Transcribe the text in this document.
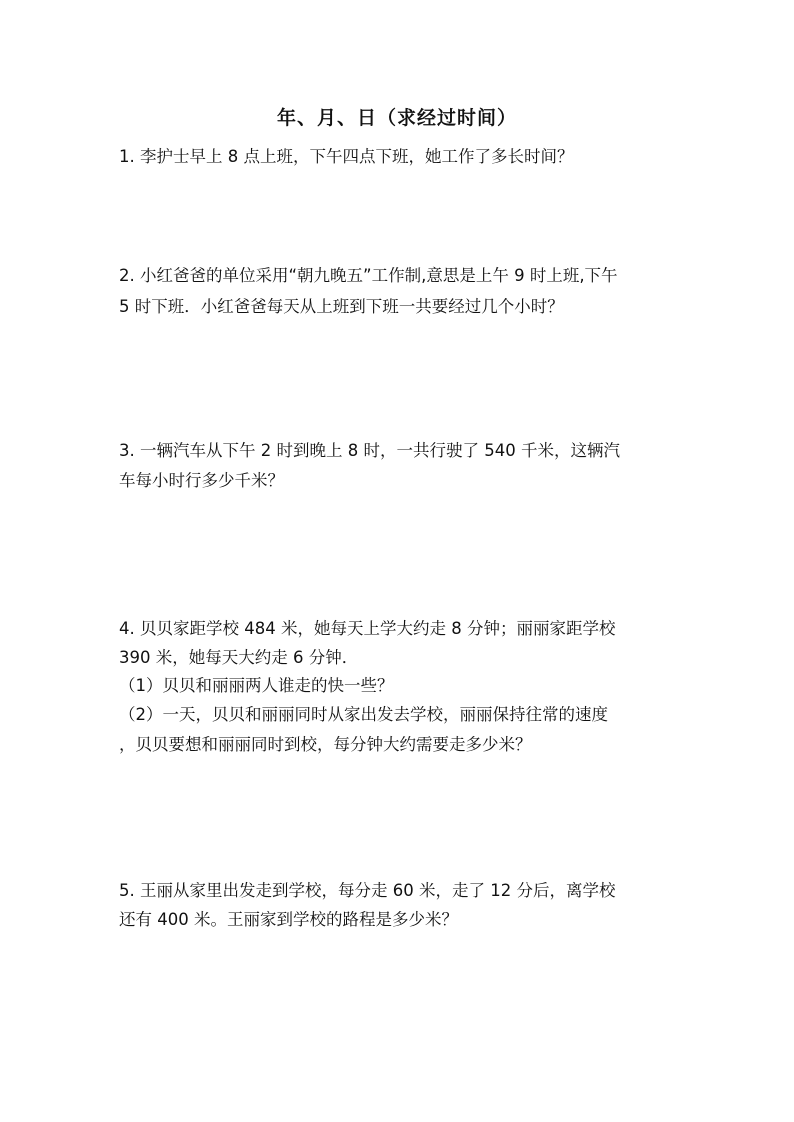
年、月、日（求经过时间）

1. 李护士早上 8 点上班，下午四点下班，她工作了多长时间？

2. 小红爸爸的单位采用“朝九晚五”工作制,意思是上午 9 时上班,下午

5 时下班．小红爸爸每天从上班到下班一共要经过几个小时？

3. 一辆汽车从下午 2 时到晚上 8 时，一共行驶了 540 千米，这辆汽

车每小时行多少千米？

4. 贝贝家距学校 484 米，她每天上学大约走 8 分钟；丽丽家距学校

390 米，她每天大约走 6 分钟．

（1）贝贝和丽丽两人谁走的快一些？

（2）一天，贝贝和丽丽同时从家出发去学校，丽丽保持往常的速度

，贝贝要想和丽丽同时到校，每分钟大约需要走多少米？

5. 王丽从家里出发走到学校，每分走 60 米，走了 12 分后，离学校

还有 400 米。王丽家到学校的路程是多少米？
